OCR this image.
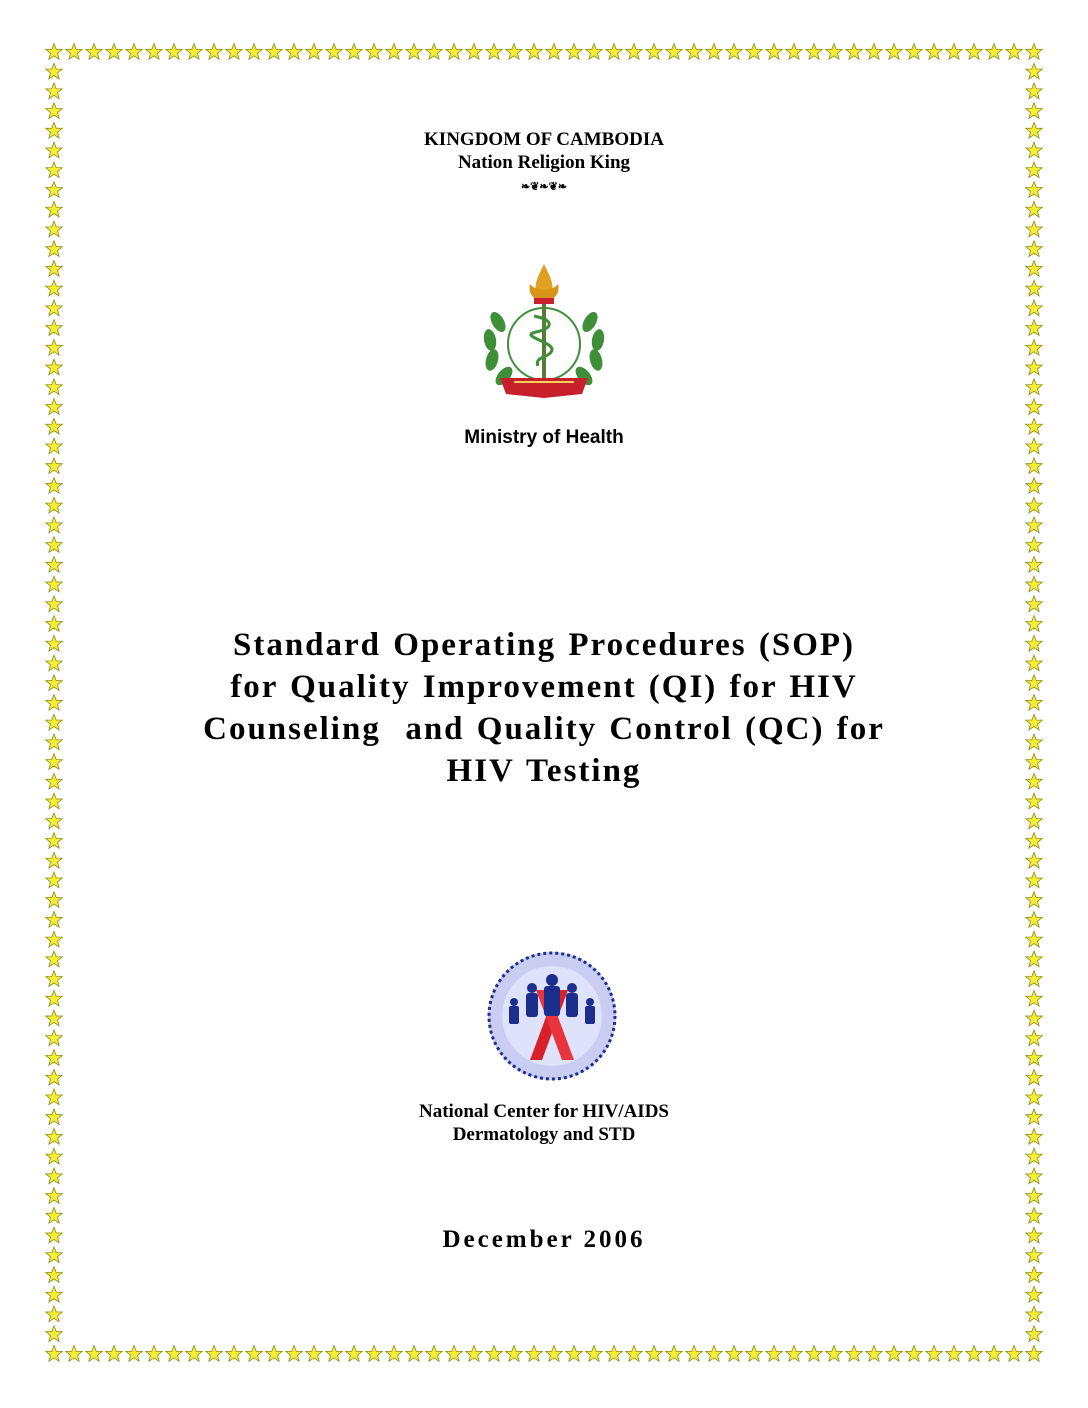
KINGDOM OF CAMBODIA
Nation Religion King
❧❦❧❦❧
Ministry of Health
Standard Operating Procedures (SOP)
for Quality Improvement (QI) for HIV
Counseling  and Quality Control (QC) for
HIV Testing
National Center for HIV/AIDS
Dermatology and STD
December 2006
